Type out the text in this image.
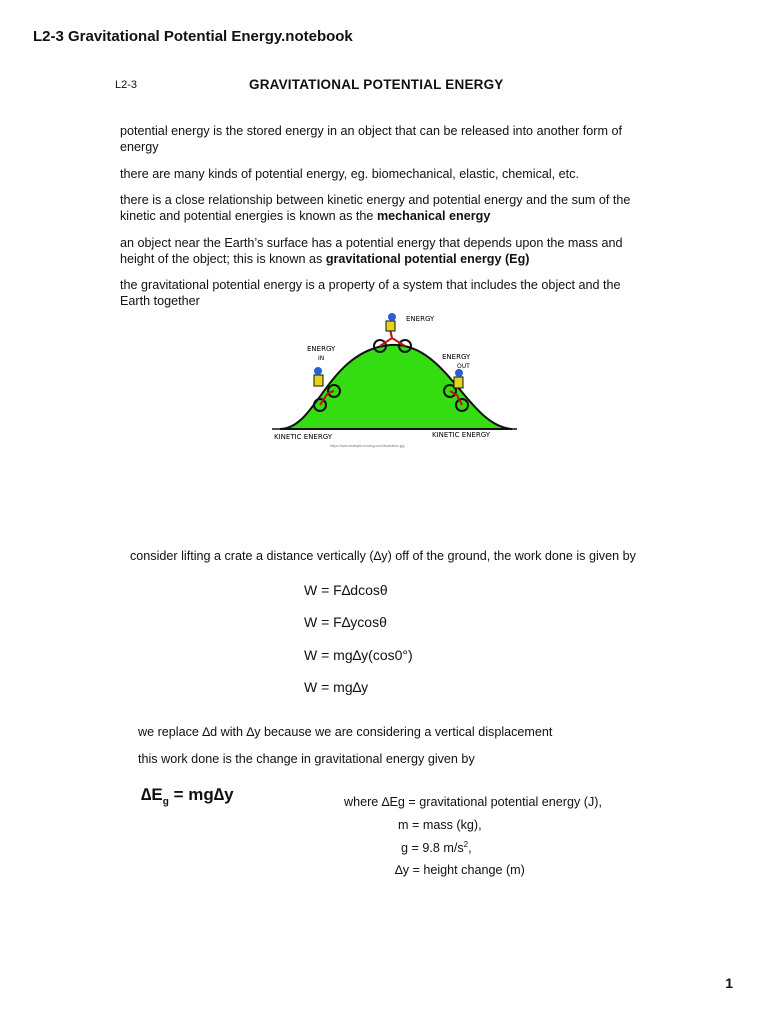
L2-3 Gravitational Potential Energy.notebook
L2-3	GRAVITATIONAL POTENTIAL ENERGY
potential energy is the stored energy in an object that can be released into another form of energy
there are many kinds of potential energy, eg. biomechanical, elastic, chemical, etc.
there is a close relationship between kinetic energy and potential energy and the sum of the kinetic and potential energies is known as the mechanical energy
an object near the Earth’s surface has a potential energy that depends upon the mass and height of the object; this is known as gravitational potential energy (Eg)
the gravitational potential energy is a property of a system that includes the object and the Earth together
ENERGY
ENERGY
IN	ENERGY
OUT
KINETIC ENERGY	KINETIC ENERGY
https://www.example-hosting.com/illustration.jpg
consider lifting a crate a distance vertically (∆y) off of the ground, the work done is given by
W = F∆dcosθ
W = F∆ycosθ
W = mg∆y(cos0°)
W = mg∆y
we replace ∆d with ∆y because we are considering a vertical displacement
this work done is the change in gravitational energy given by
$\Delta E_g = mg\Delta y$	where ∆Eg = gravitational potential energy (J),
m = mass (kg),
g = 9.8 $m/s^2$,
∆y = height change (m)
1
